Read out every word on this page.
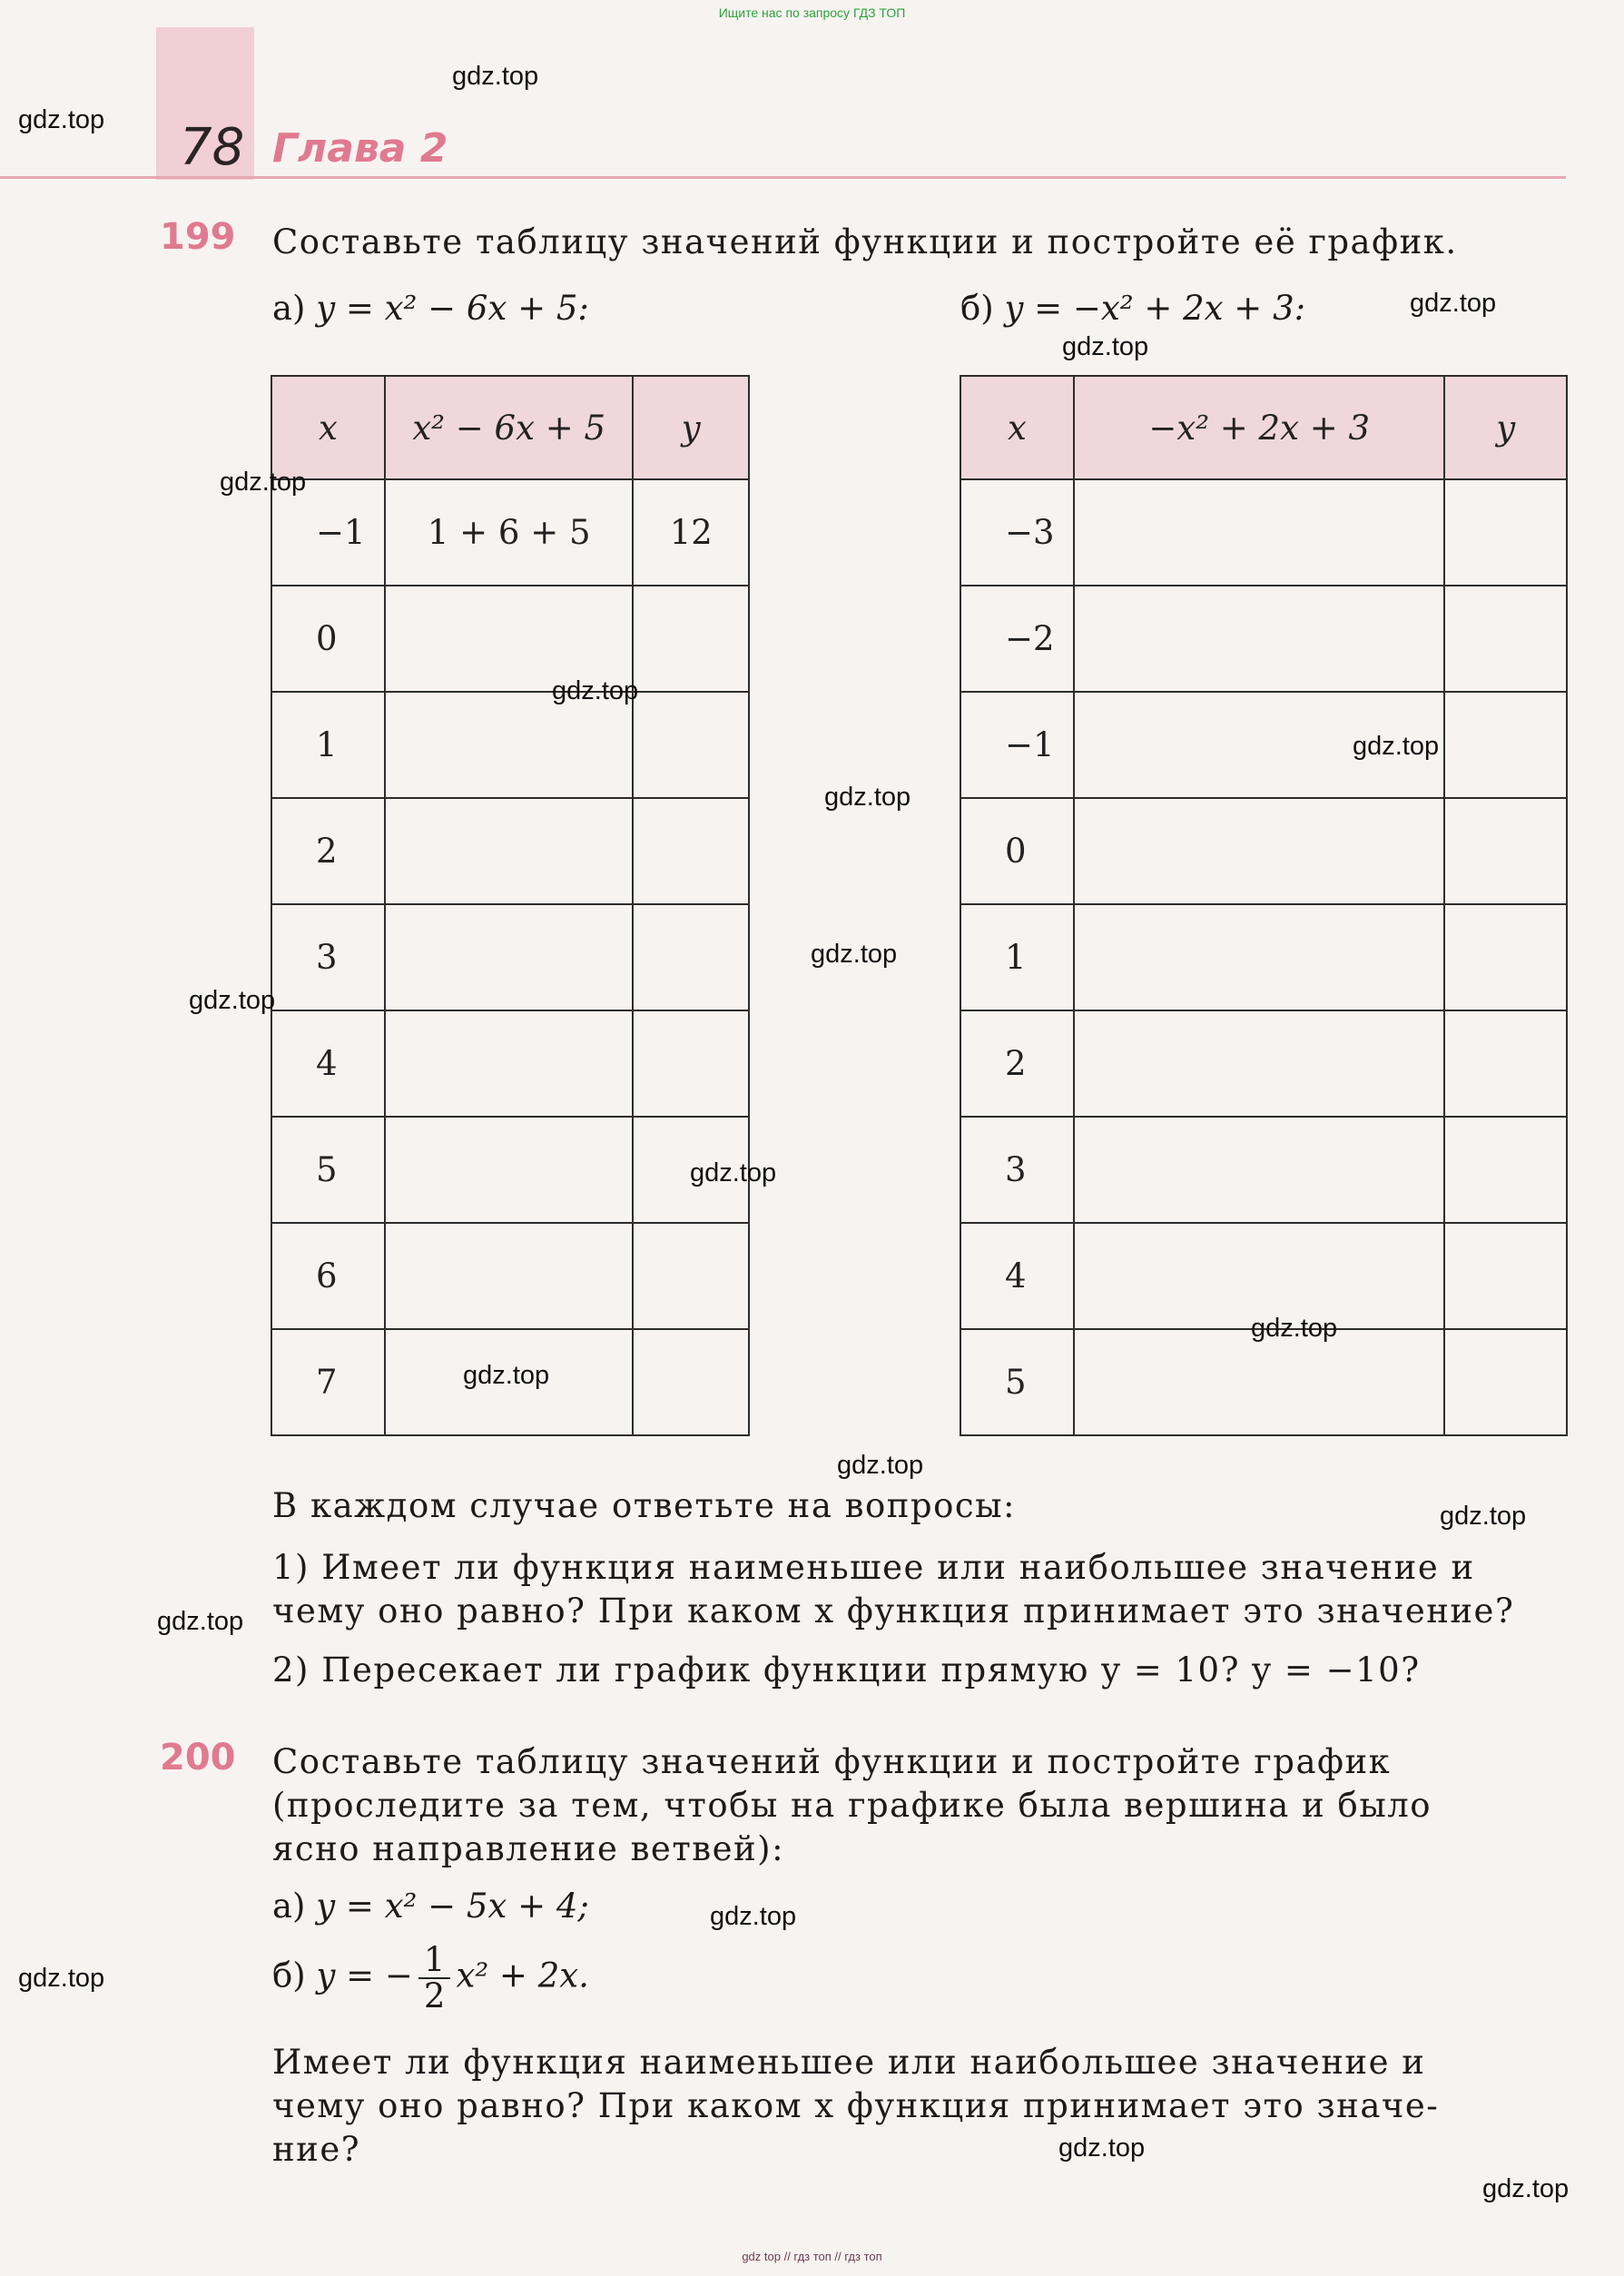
Ищите нас по запросу ГДЗ ТОП
78 Глава 2
199 Составьте таблицу значений функции и постройте её график.
а) y = x² − 6x + 5:	б) y = −x² + 2x + 3:
x	x² − 6x + 5	y
−1	1 + 6 + 5	12
0		
1		
2		
3		
4		
5		
6		
7		
x	−x² + 2x + 3	y
−3		
−2		
−1		
0		
1		
2		
3		
4		
5		
В каждом случае ответьте на вопросы:
1) Имеет ли функция наименьшее или наибольшее значение и
чему оно равно? При каком x функция принимает это значение?
2) Пересекает ли график функции прямую y = 10? y = −10?
200 Составьте таблицу значений функции и постройте график
(проследите за тем, чтобы на графике была вершина и было
ясно направление ветвей):
а) y = x² − 5x + 4;
б) y = − $\frac{1}{2} x^2 + 2x$.
Имеет ли функция наименьшее или наибольшее значение и
чему оно равно? При каком x функция принимает это значе-
ние?
gdz.top
gdz.top
gdz.top
gdz.top
gdz.top
gdz.top
gdz.top
gdz.top
gdz.top
gdz.top
gdz.top
gdz.top
gdz.top
gdz.top
gdz.top
gdz.top
gdz.top
gdz.top
gdz.top
gdz.top
gdz top // гдз топ // гдз топ
